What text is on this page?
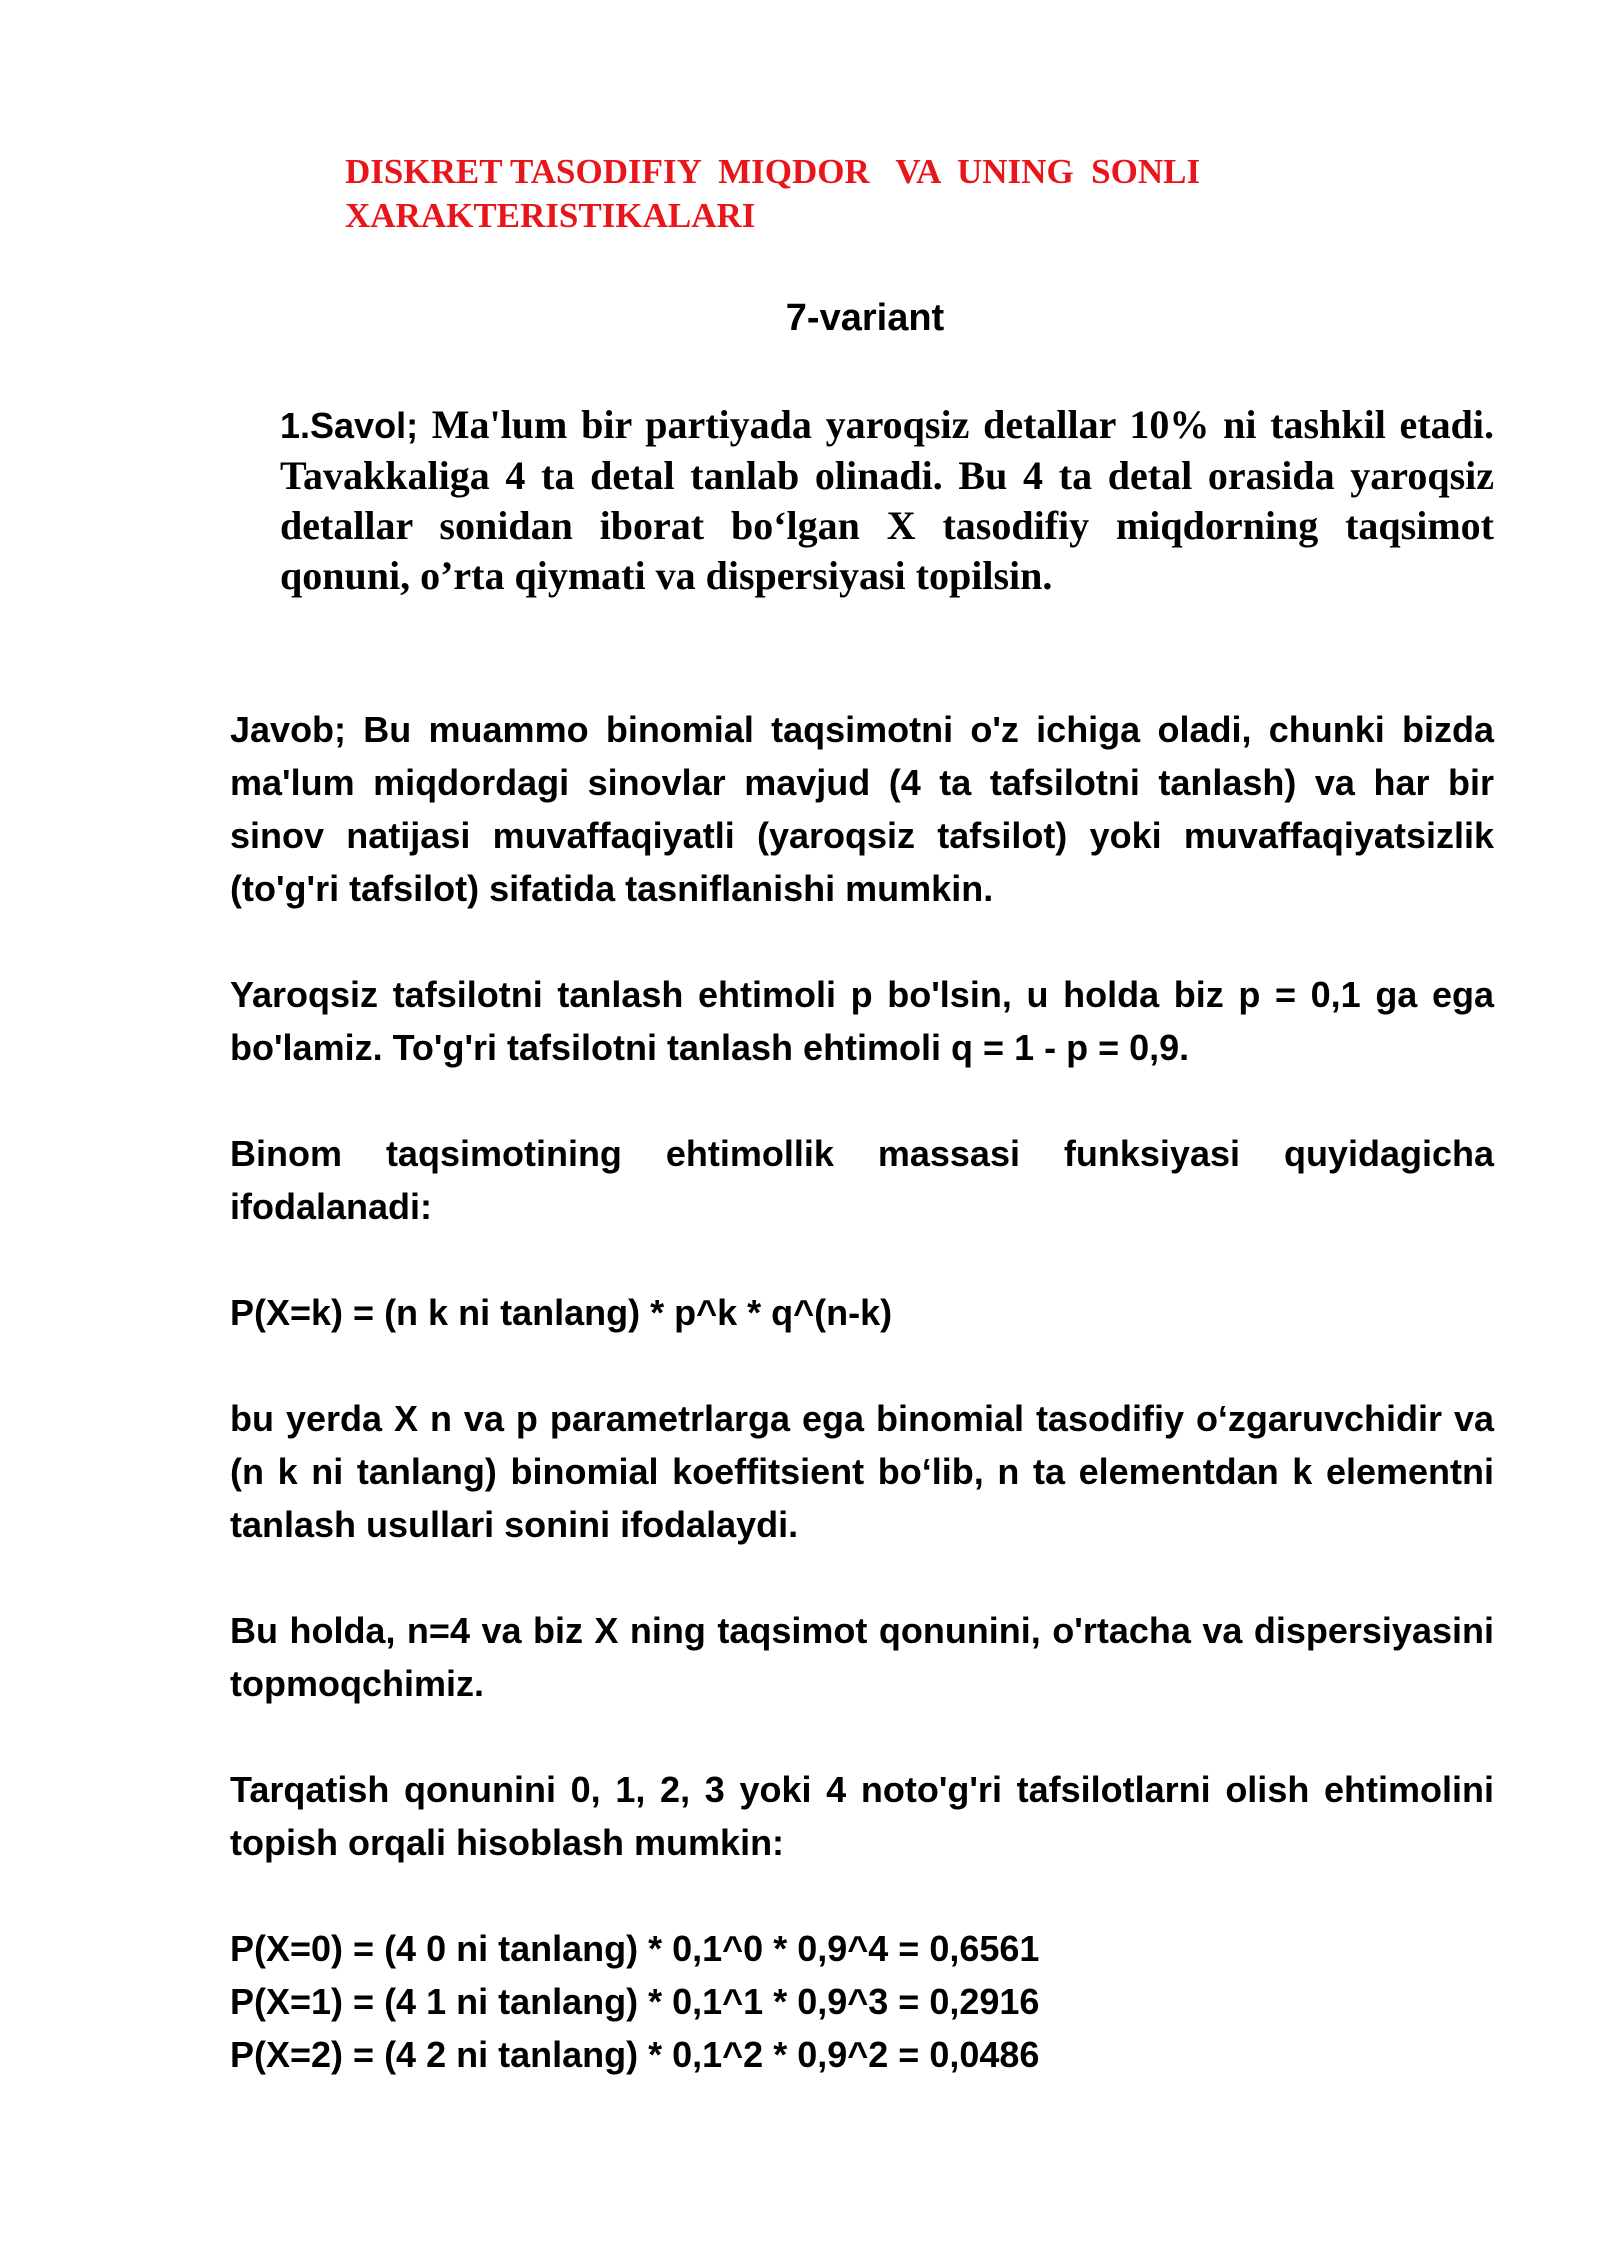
DISKRET TASODIFIY  MIQDOR   VA  UNING  SONLI
XARAKTERISTIKALARI
7-variant
1.Savol; Ma'lum bir partiyada yaroqsiz detallar 10% ni tashkil etadi. Tavakkaliga 4 ta detal tanlab olinadi. Bu 4 ta detal orasida yaroqsiz detallar sonidan iborat bo‘lgan X tasodifiy miqdorning taqsimot qonuni, o’rta qiymati va dispersiyasi topilsin.

Javob; Bu muammo binomial taqsimotni o'z ichiga oladi, chunki bizda ma'lum miqdordagi sinovlar mavjud (4 ta tafsilotni tanlash) va har bir sinov natijasi muvaffaqiyatli (yaroqsiz tafsilot) yoki muvaffaqiyatsizlik (to'g'ri tafsilot) sifatida tasniflanishi mumkin.

Yaroqsiz tafsilotni tanlash ehtimoli p bo'lsin, u holda biz p = 0,1 ga ega bo'lamiz. To'g'ri tafsilotni tanlash ehtimoli q = 1 - p = 0,9.

Binom taqsimotining ehtimollik massasi funksiyasi quyidagicha ifodalanadi:

P(X=k) = (n k ni tanlang) * p^k * q^(n-k)

bu yerda X n va p parametrlarga ega binomial tasodifiy o‘zgaruvchidir va (n k ni tanlang) binomial koeffitsient bo‘lib, n ta elementdan k elementni tanlash usullari sonini ifodalaydi.

Bu holda, n=4 va biz X ning taqsimot qonunini, o'rtacha va dispersiyasini topmoqchimiz.

Tarqatish qonunini 0, 1, 2, 3 yoki 4 noto'g'ri tafsilotlarni olish ehtimolini topish orqali hisoblash mumkin:

P(X=0) = (4 0 ni tanlang) * 0,1^0 * 0,9^4 = 0,6561
P(X=1) = (4 1 ni tanlang) * 0,1^1 * 0,9^3 = 0,2916
P(X=2) = (4 2 ni tanlang) * 0,1^2 * 0,9^2 = 0,0486
